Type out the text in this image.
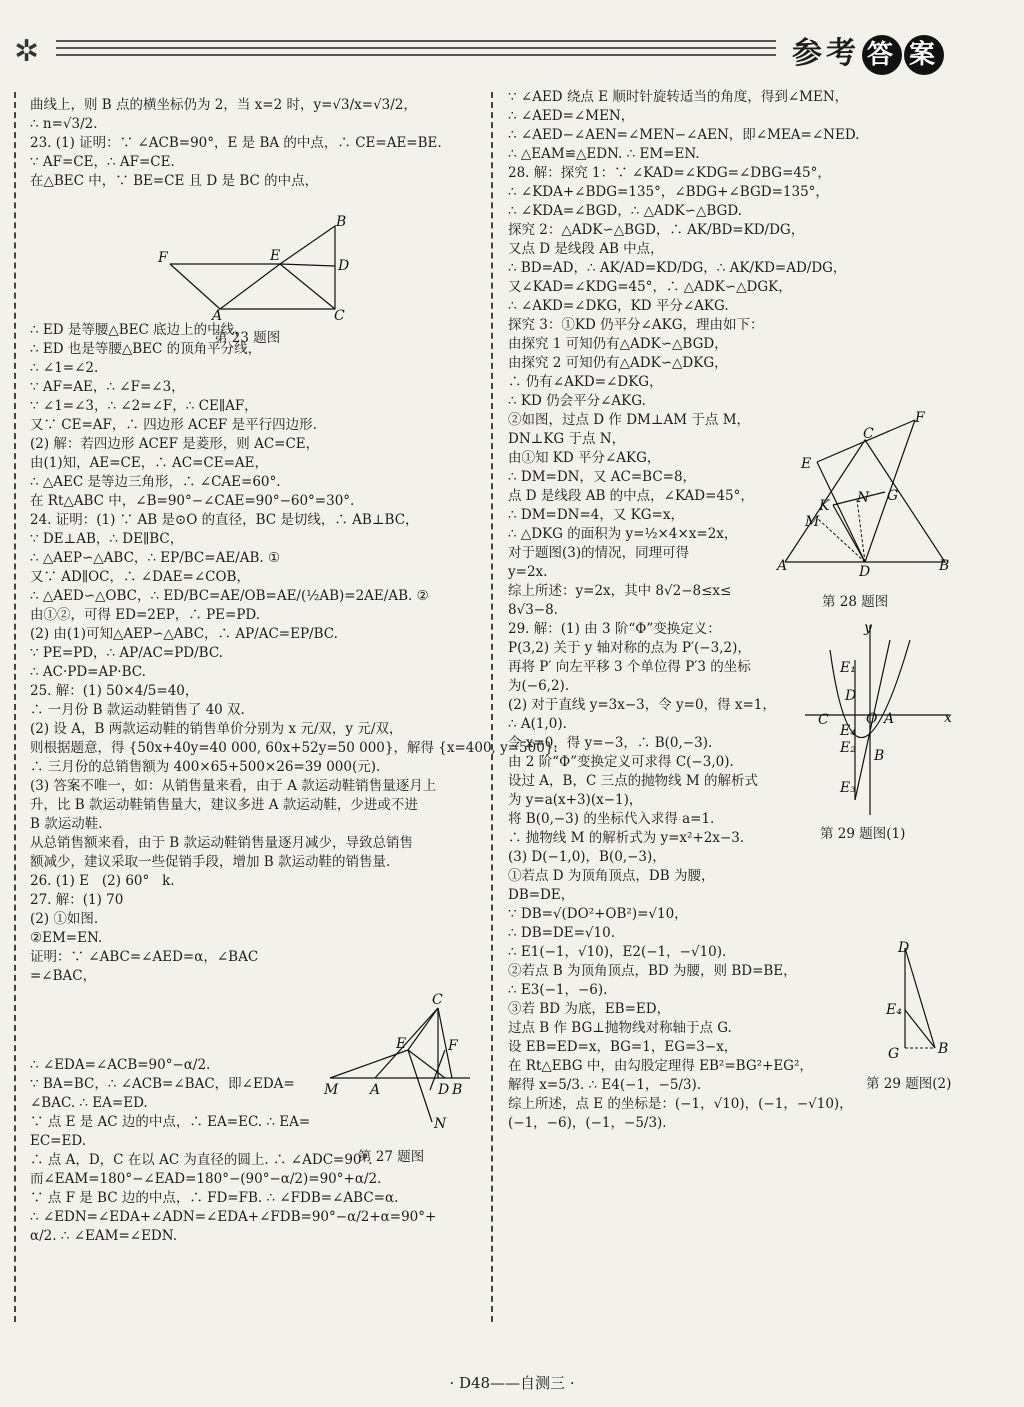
✲	参考 答 案

曲线上，则 B 点的横坐标仍为 2，当 x=2 时，y=√3/x=√3/2，

∴ n=√3/2.

23. (1) 证明：∵ ∠ACB=90°，E 是 BA 的中点，∴ CE=AE=BE.

∵ AF=CE，∴ AF=CE.

在△BEC 中，∵ BE=CE 且 D 是 BC 的中点，

∴ ED 是等腰△BEC 底边上的中线，

∴ ED 也是等腰△BEC 的顶角平分线，

∴ ∠1=∠2.

∵ AF=AE，∴ ∠F=∠3，

∵ ∠1=∠3，∴ ∠2=∠F，∴ CE∥AF，

又∵ CE=AF，∴ 四边形 ACEF 是平行四边形.

(2) 解：若四边形 ACEF 是菱形，则 AC=CE，

由(1)知，AE=CE，∴ AC=CE=AE，

∴ △AEC 是等边三角形，∴ ∠CAE=60°.

在 Rt△ABC 中，∠B=90°−∠CAE=90°−60°=30°.

24. 证明：(1) ∵ AB 是⊙O 的直径，BC 是切线，∴ AB⊥BC，

∵ DE⊥AB，∴ DE∥BC，

∴ △AEP∽△ABC，∴ EP/BC=AE/AB. ①

又∵ AD∥OC，∴ ∠DAE=∠COB，

∴ △AED∽△OBC，∴ ED/BC=AE/OB=AE/(½AB)=2AE/AB. ②

由①②，可得 ED=2EP，∴ PE=PD.

(2) 由(1)可知△AEP∽△ABC，∴ AP/AC=EP/BC.

∵ PE=PD，∴ AP/AC=PD/BC.

∴ AC·PD=AP·BC.

25. 解：(1) 50×4/5=40，

∴ 一月份 B 款运动鞋销售了 40 双.

(2) 设 A，B 两款运动鞋的销售单价分别为 x 元/双，y 元/双，

则根据题意，得 {50x+40y=40 000, 60x+52y=50 000}，解得 {x=400, y=500}.

∴ 三月份的总销售额为 400×65+500×26=39 000(元).

(3) 答案不唯一，如：从销售量来看，由于 A 款运动鞋销售量逐月上

升，比 B 款运动鞋销售量大，建议多进 A 款运动鞋，少进或不进

B 款运动鞋.

从总销售额来看，由于 B 款运动鞋销售量逐月减少，导致总销售

额减少，建议采取一些促销手段，增加 B 款运动鞋的销售量.

26. (1) E   (2) 60°   k.

27. 解：(1) 70

(2) ①如图.

②EM=EN.

证明：∵ ∠ABC=∠AED=α，∠BAC

=∠BAC，

∴ ∠EDA=∠ACB=90°−α/2.

∵ BA=BC，∴ ∠ACB=∠BAC，即∠EDA=

∠BAC. ∴ EA=ED.

∵ 点 E 是 AC 边的中点，∴ EA=EC. ∴ EA=

EC=ED.

∴ 点 A，D，C 在以 AC 为直径的圆上. ∴ ∠ADC=90°.

而∠EAM=180°−∠EAD=180°−(90°−α/2)=90°+α/2.

∵ 点 F 是 BC 边的中点，∴ FD=FB. ∴ ∠FDB=∠ABC=α.

∴ ∠EDN=∠EDA+∠ADN=∠EDA+∠FDB=90°−α/2+α=90°+

α/2. ∴ ∠EAM=∠EDN.

∵ ∠AED 绕点 E 顺时针旋转适当的角度，得到∠MEN，

∴ ∠AED=∠MEN，

∴ ∠AED−∠AEN=∠MEN−∠AEN，即∠MEA=∠NED.

∴ △EAM≌△EDN. ∴ EM=EN.

28. 解：探究 1：∵ ∠KAD=∠KDG=∠DBG=45°，

∴ ∠KDA+∠BDG=135°，∠BDG+∠BGD=135°，

∴ ∠KDA=∠BGD，∴ △ADK∽△BGD.

探究 2：△ADK∽△BGD，∴ AK/BD=KD/DG，

又点 D 是线段 AB 中点，

∴ BD=AD，∴ AK/AD=KD/DG，∴ AK/KD=AD/DG，

又∠KAD=∠KDG=45°，∴ △ADK∽△DGK，

∴ ∠AKD=∠DKG，KD 平分∠AKG.

探究 3：①KD 仍平分∠AKG，理由如下：

由探究 1 可知仍有△ADK∽△BGD，

由探究 2 可知仍有△ADK∽△DKG，

∴ 仍有∠AKD=∠DKG，

∴ KD 仍会平分∠AKG.

②如图，过点 D 作 DM⊥AM 于点 M，

DN⊥KG 于点 N，

由①知 KD 平分∠AKG，

∴ DM=DN，又 AC=BC=8，

点 D 是线段 AB 的中点，∠KAD=45°，

∴ DM=DN=4，又 KG=x，

∴ △DKG 的面积为 y=½×4×x=2x，

对于题图(3)的情况，同理可得

y=2x.

综上所述：y=2x，其中 8√2−8≤x≤

8√3−8.

29. 解：(1) 由 3 阶“Φ”变换定义：

P(3,2) 关于 y 轴对称的点为 P′(−3,2)，

再将 P′ 向左平移 3 个单位得 P′3 的坐标

为(−6,2).

(2) 对于直线 y=3x−3，令 y=0，得 x=1，

∴ A(1,0).

令 x=0，得 y=−3，∴ B(0,−3).

由 2 阶“Φ”变换定义可求得 C(−3,0).

设过 A，B，C 三点的抛物线 M 的解析式

为 y=a(x+3)(x−1)，

将 B(0,−3) 的坐标代入求得 a=1.

∴ 抛物线 M 的解析式为 y=x²+2x−3.

(3) D(−1,0)，B(0,−3)，

①若点 D 为顶角顶点，DB 为腰，

DB=DE，

∵ DB=√(DO²+OB²)=√10，

∴ DB=DE=√10.

∴ E1(−1，√10)，E2(−1，−√10).

②若点 B 为顶角顶点，BD 为腰，则 BD=BE，

∴ E3(−1，−6).

③若 BD 为底，EB=ED，

过点 B 作 BG⊥抛物线对称轴于点 G.

设 EB=ED=x，BG=1，EG=3−x，

在 Rt△EBG 中，由勾股定理得 EB²=BG²+EG²，

解得 x=5/3. ∴ E4(−1，−5/3).

综上所述，点 E 的坐标是：(−1，√10)，(−1，−√10)，

(−1，−6)，(−1，−5/3).

F	E
B
D
A	C
第 23 题图
C
E	F
M A	D B
N
第 27 题图
E
F
C
G
N
K
M
A	D	B
第 28 题图
y
x
E₁
C
D
E₄
O A
E₂ B
E₃
第 29 题图(1)
D
E₄
G	B
第 29 题图(2)
· D48——自测三 ·
